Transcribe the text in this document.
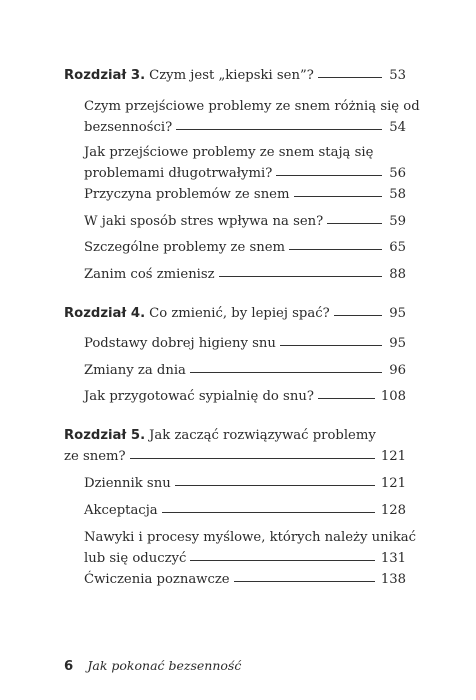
Rozdział 3. Czym jest „kiepski sen”?	53
Czym przejściowe problemy ze snem różnią się od
bezsenności?	54
Jak przejściowe problemy ze snem stają się
problemami długotrwałymi?	56
Przyczyna problemów ze snem	58
W jaki sposób stres wpływa na sen?	59
Szczególne problemy ze snem	65
Zanim coś zmienisz	88
Rozdział 4. Co zmienić, by lepiej spać?	95
Podstawy dobrej higieny snu	95
Zmiany za dnia	96
Jak przygotować sypialnię do snu?	108
Rozdział 5. Jak zacząć rozwiązywać problemy
ze snem?	121
Dziennik snu	121
Akceptacja	128
Nawyki i procesy myślowe, których należy unikać
lub się oduczyć	131
Ćwiczenia poznawcze	138
6 Jak pokonać bezsenność
